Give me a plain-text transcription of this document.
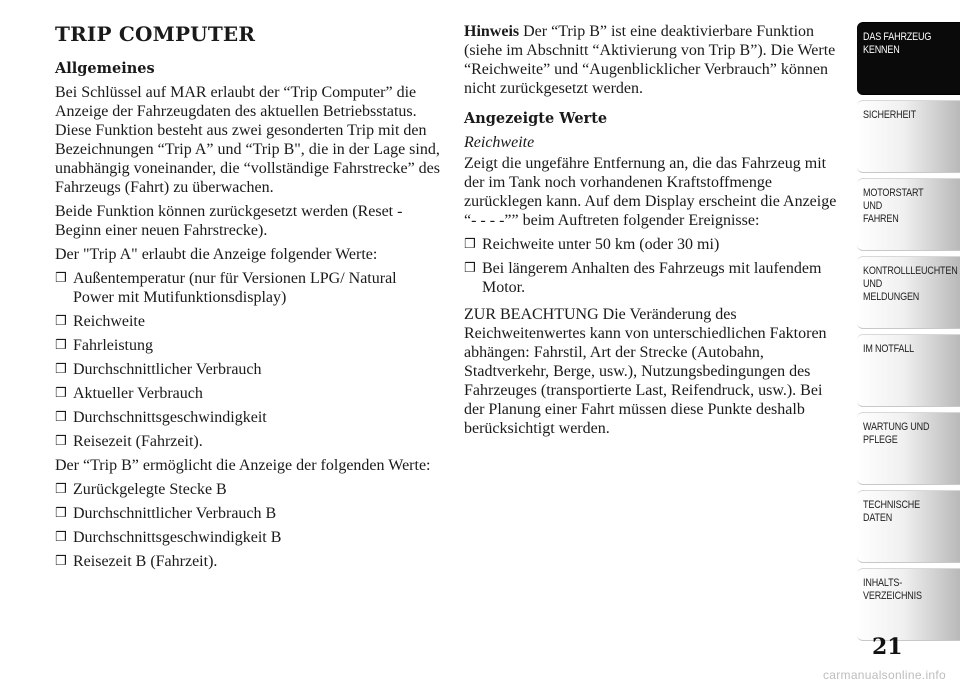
TRIP COMPUTER
Allgemeines

Bei Schlüssel auf MAR erlaubt der “Trip Computer” die Anzeige der Fahrzeugdaten des aktuellen Betriebsstatus. Diese Funktion besteht aus zwei gesonderten Trip mit den Bezeichnungen “Trip A” und “Trip B", die in der Lage sind, unabhängig voneinander, die “vollständige Fahrstrecke” des Fahrzeugs (Fahrt) zu überwachen.

Beide Funktion können zurückgesetzt werden (Reset - Beginn einer neuen Fahrstrecke).

Der "Trip A" erlaubt die Anzeige folgender Werte:

❒ Außentemperatur (nur für Versionen LPG/ Natural Power mit Mutifunktionsdisplay)
❒ Reichweite
❒ Fahrleistung
❒ Durchschnittlicher Verbrauch
❒ Aktueller Verbrauch
❒ Durchschnittsgeschwindigkeit
❒ Reisezeit (Fahrzeit).

Der “Trip B” ermöglicht die Anzeige der folgenden Werte:

❒ Zurückgelegte Stecke B
❒ Durchschnittlicher Verbrauch B
❒ Durchschnittsgeschwindigkeit B
❒ Reisezeit B (Fahrzeit).

Hinweis Der “Trip B” ist eine deaktivierbare Funktion (siehe im Abschnitt “Aktivierung von Trip B”). Die Werte “Reichweite” und “Augenblicklicher Verbrauch” können nicht zurückgesetzt werden.

Angezeigte Werte

Reichweite

Zeigt die ungefähre Entfernung an, die das Fahrzeug mit der im Tank noch vorhandenen Kraftstoffmenge zurücklegen kann. Auf dem Display erscheint die Anzeige “- - - -”” beim Auftreten folgender Ereignisse:

❒ Reichweite unter 50 km (oder 30 mi)
❒ Bei längerem Anhalten des Fahrzeugs mit laufendem Motor.

ZUR BEACHTUNG Die Veränderung des Reichweitenwertes kann von unterschiedlichen Faktoren abhängen: Fahrstil, Art der Strecke (Autobahn, Stadtverkehr, Berge, usw.), Nutzungsbedingungen des Fahrzeuges (transportierte Last, Reifendruck, usw.). Bei der Planung einer Fahrt müssen diese Punkte deshalb berücksichtigt werden.

DAS FAHRZEUG
KENNEN
SICHERHEIT
MOTORSTART UND
FAHREN
KONTROLLLEUCHTEN
UND MELDUNGEN
IM NOTFALL
WARTUNG UND
PFLEGE
TECHNISCHE
DATEN
INHALTS-
VERZEICHNIS
21
carmanualsonline.info
